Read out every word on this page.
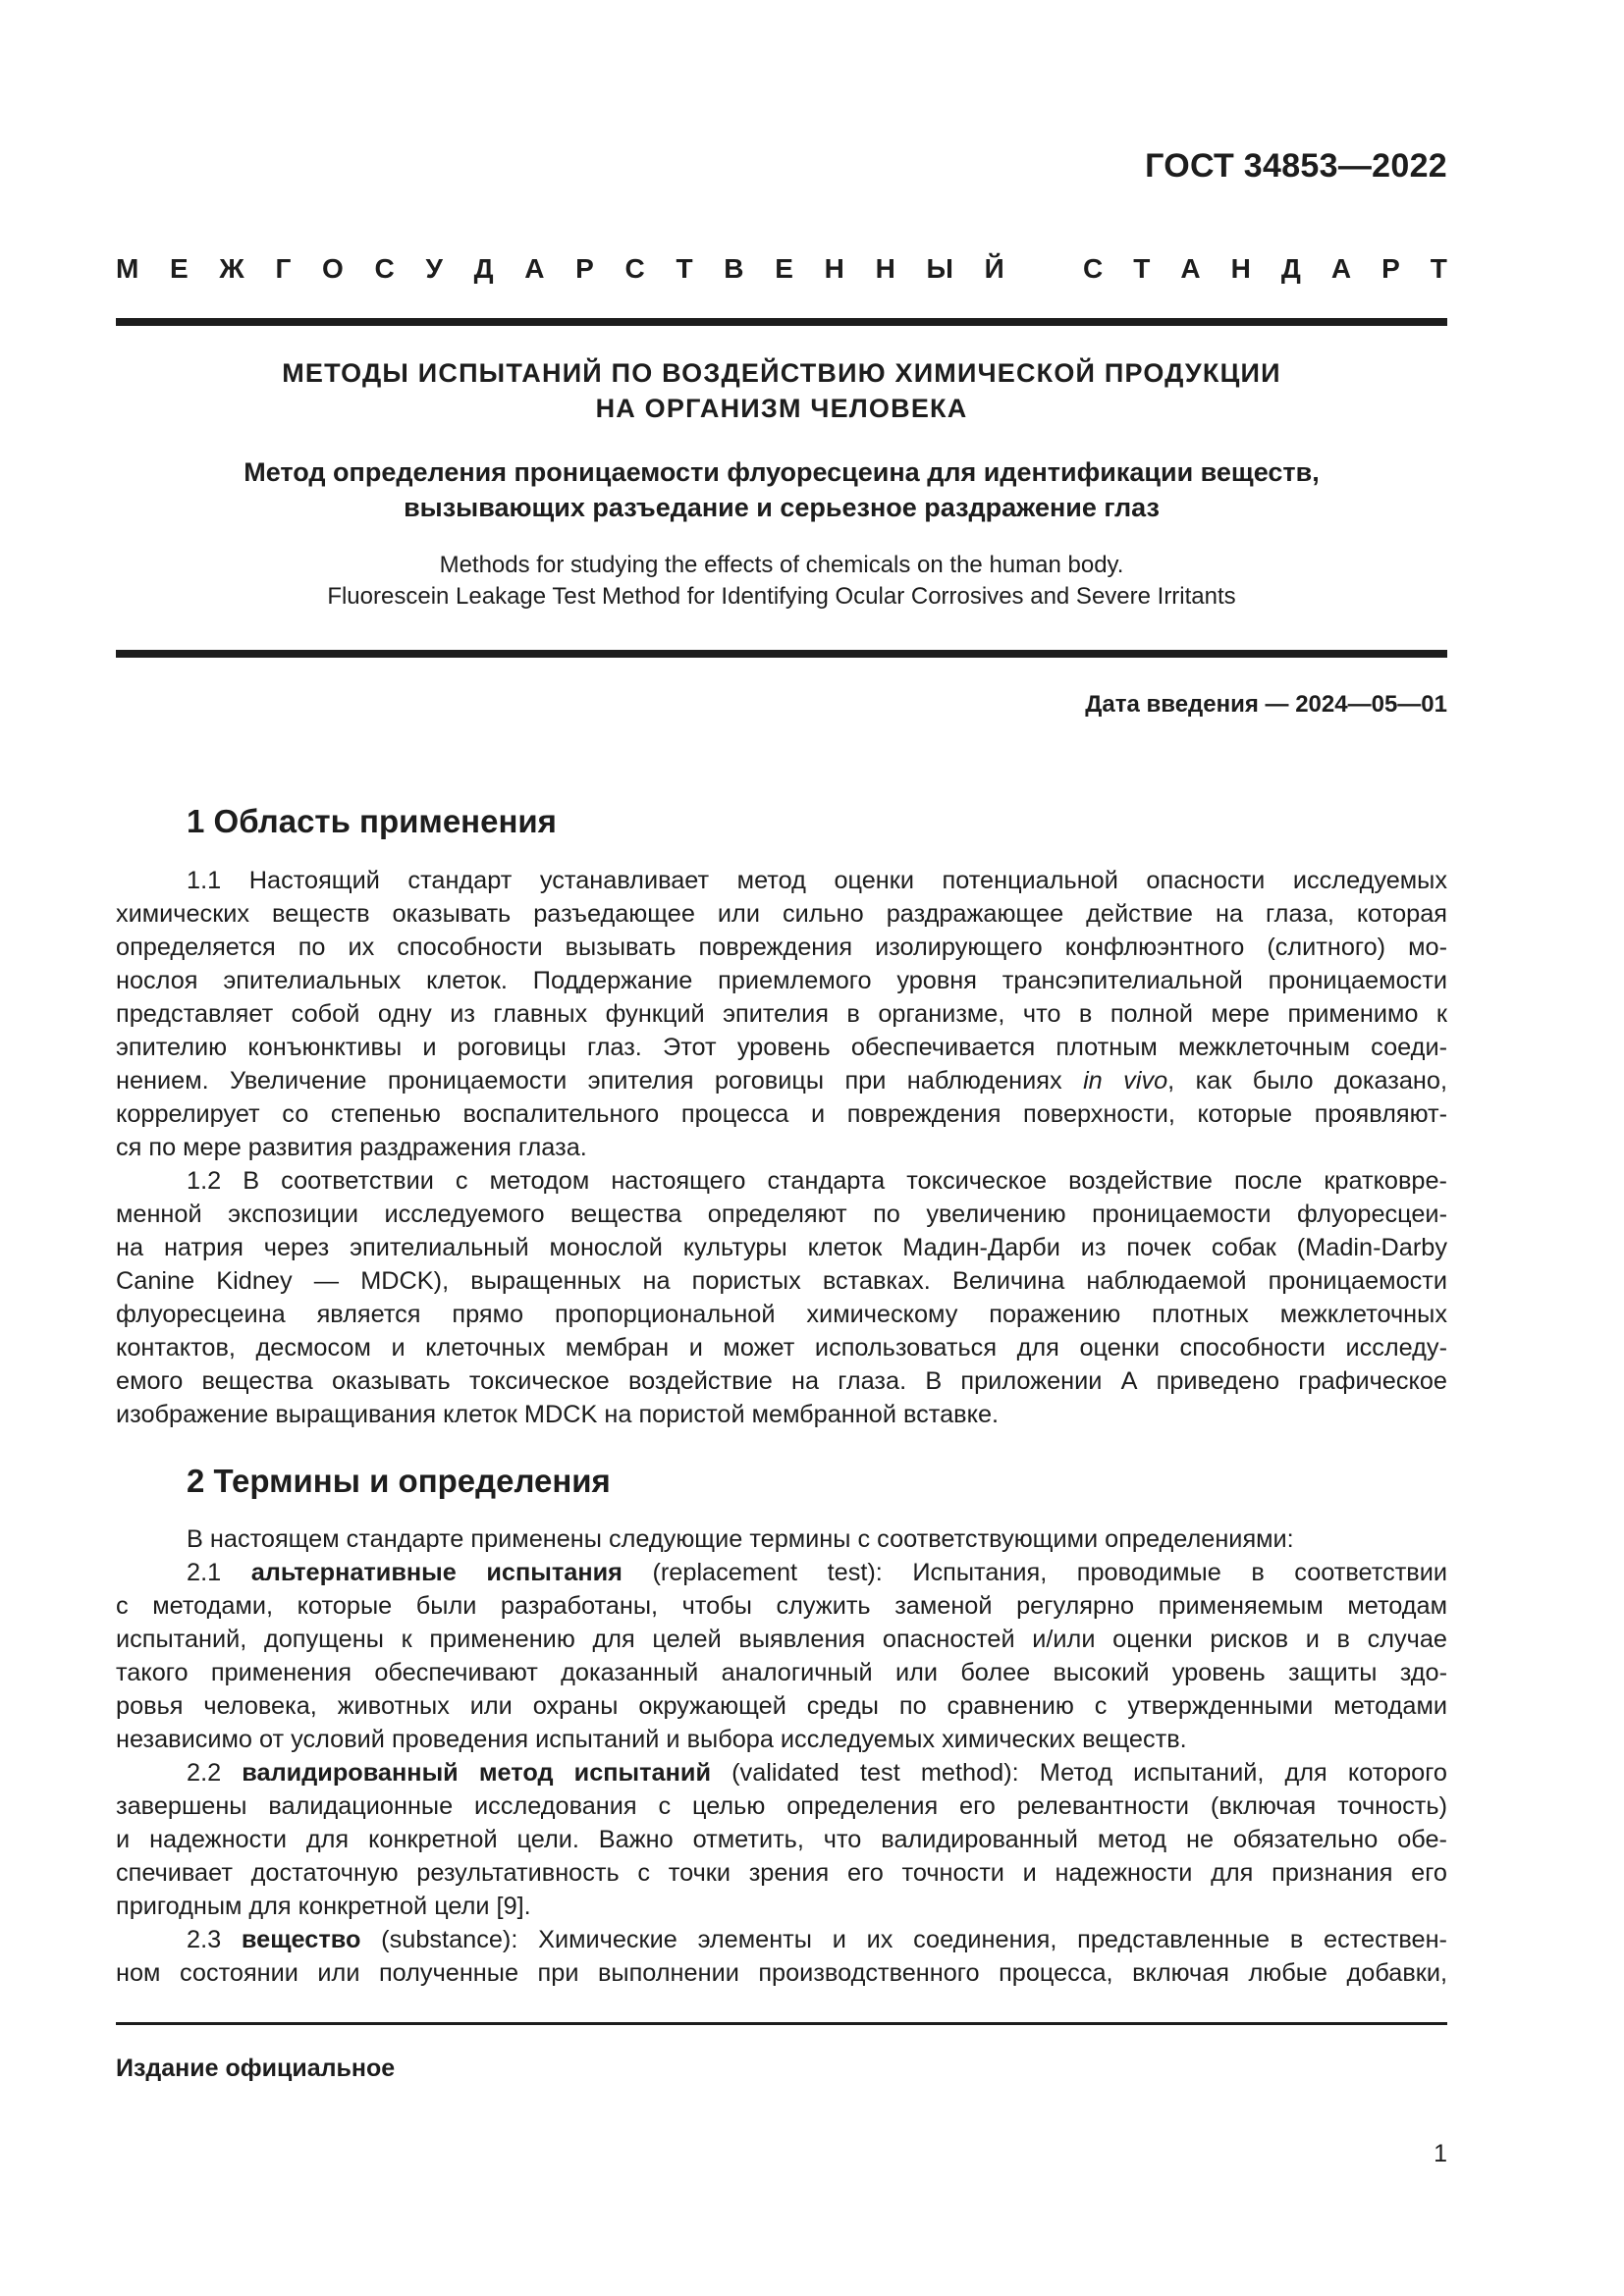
ГОСТ 34853—2022
М Е Ж Г О С У Д А Р С Т В Е Н Н Ы Й	С Т А Н Д А Р Т
МЕТОДЫ ИСПЫТАНИЙ ПО ВОЗДЕЙСТВИЮ ХИМИЧЕСКОЙ ПРОДУКЦИИ
НА ОРГАНИЗМ ЧЕЛОВЕКА
Метод определения проницаемости флуоресцеина для идентификации веществ,
вызывающих разъедание и серьезное раздражение глаз
Methods for studying the effects of chemicals on the human body.
Fluorescein Leakage Test Method for Identifying Ocular Corrosives and Severe Irritants
Дата введения — 2024—05—01
1 Область применения
1.1 Настоящий стандарт устанавливает метод оценки потенциальной опасности исследуемых
химических веществ оказывать разъедающее или сильно раздражающее действие на глаза, которая
определяется по их способности вызывать повреждения изолирующего конфлюэнтного (слитного) мо-
нослоя эпителиальных клеток. Поддержание приемлемого уровня трансэпителиальной проницаемости
представляет собой одну из главных функций эпителия в организме, что в полной мере применимо к
эпителию конъюнктивы и роговицы глаз. Этот уровень обеспечивается плотным межклеточным соеди-
нением. Увеличение проницаемости эпителия роговицы при наблюдениях in vivo, как было доказано,
коррелирует со степенью воспалительного процесса и повреждения поверхности, которые проявляют-
ся по мере развития раздражения глаза.
1.2 В соответствии с методом настоящего стандарта токсическое воздействие после кратковре-
менной экспозиции исследуемого вещества определяют по увеличению проницаемости флуоресцеи-
на натрия через эпителиальный монослой культуры клеток Мадин-Дарби из почек собак (Madin-Darby
Canine Kidney — MDCK), выращенных на пористых вставках. Величина наблюдаемой проницаемости
флуоресцеина является прямо пропорциональной химическому поражению плотных межклеточных
контактов, десмосом и клеточных мембран и может использоваться для оценки способности исследу-
емого вещества оказывать токсическое воздействие на глаза. В приложении А приведено графическое
изображение выращивания клеток MDCK на пористой мембранной вставке.
2 Термины и определения
В настоящем стандарте применены следующие термины с соответствующими определениями:
2.1 альтернативные испытания (replacement test): Испытания, проводимые в соответствии
с методами, которые были разработаны, чтобы служить заменой регулярно применяемым методам
испытаний, допущены к применению для целей выявления опасностей и/или оценки рисков и в случае
такого применения обеспечивают доказанный аналогичный или более высокий уровень защиты здо-
ровья человека, животных или охраны окружающей среды по сравнению с утвержденными методами
независимо от условий проведения испытаний и выбора исследуемых химических веществ.
2.2 валидированный метод испытаний (validated test method): Метод испытаний, для которого
завершены валидационные исследования с целью определения его релевантности (включая точность)
и надежности для конкретной цели. Важно отметить, что валидированный метод не обязательно обе-
спечивает достаточную результативность с точки зрения его точности и надежности для признания его
пригодным для конкретной цели [9].
2.3 вещество (substance): Химические элементы и их соединения, представленные в естествен-
ном состоянии или полученные при выполнении производственного процесса, включая любые добавки,
Издание официальное
1
